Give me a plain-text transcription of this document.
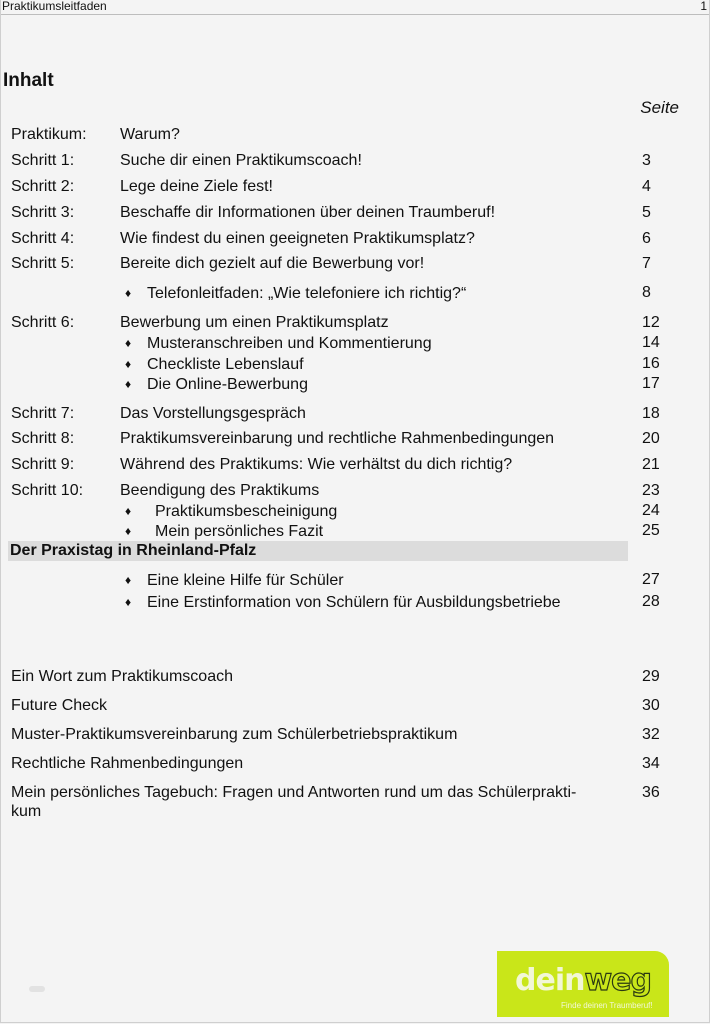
Praktikumsleitfaden	1
Inhalt
Seite
Praktikum: Warum?
Schritt 1:	Suche dir einen Praktikumscoach!	3
Schritt 2:	Lege deine Ziele fest!	4
Schritt 3:	Beschaffe dir Informationen über deinen Traumberuf!	5
Schritt 4:	Wie findest du einen geeigneten Praktikumsplatz?	6
Schritt 5:	Bereite dich gezielt auf die Bewerbung vor!	7
♦ Telefonleitfaden: „Wie telefoniere ich richtig?“	8
Schritt 6:	Bewerbung um einen Praktikumsplatz	12
♦ Musteranschreiben und Kommentierung	14
♦ Checkliste Lebenslauf	16
♦ Die Online-Bewerbung	17
Schritt 7:	Das Vorstellungsgespräch	18
Schritt 8:	Praktikumsvereinbarung und rechtliche Rahmenbedingungen	20
Schritt 9:	Während des Praktikums: Wie verhältst du dich richtig?	21
Schritt 10: Beendigung des Praktikums	23
♦ Praktikumsbescheinigung	24
♦ Mein persönliches Fazit	25
Der Praxistag in Rheinland-Pfalz
♦ Eine kleine Hilfe für Schüler	27
♦ Eine Erstinformation von Schülern für Ausbildungsbetriebe	28
Ein Wort zum Praktikumscoach	29
Future Check	30
Muster-Praktikumsvereinbarung zum Schülerbetriebspraktikum	32
Rechtliche Rahmenbedingungen	34
Mein persönliches Tagebuch: Fragen und Antworten rund um das Schülerprakti-	36
kum
deinweg
Finde deinen Traumberuf!
